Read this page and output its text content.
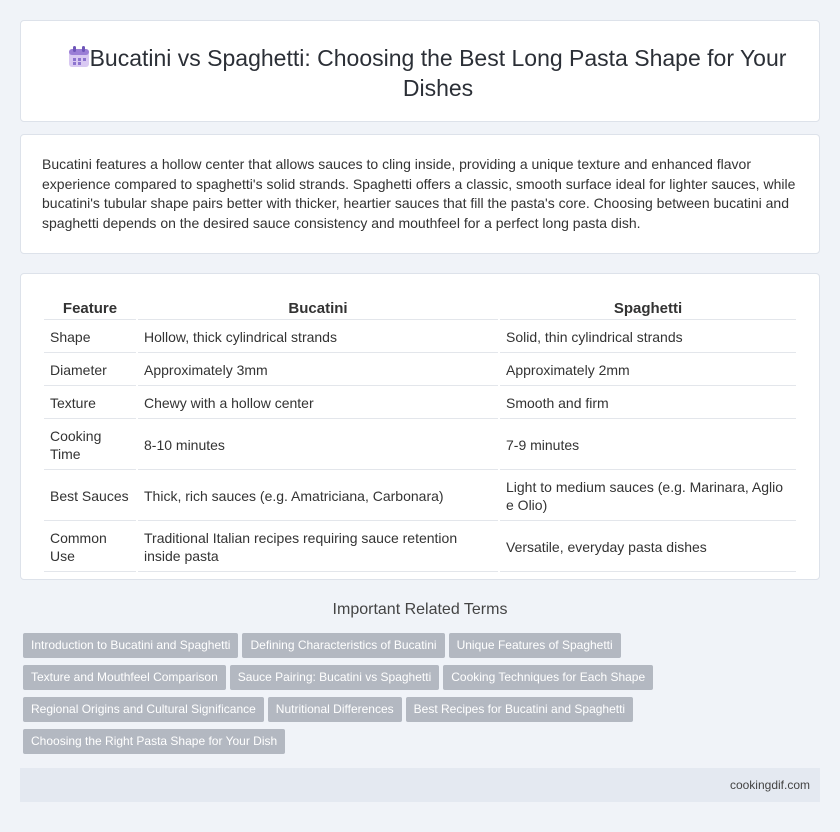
Bucatini vs Spaghetti: Choosing the Best Long Pasta Shape for Your Dishes

Bucatini features a hollow center that allows sauces to cling inside, providing a unique texture and enhanced flavor experience compared to spaghetti's solid strands. Spaghetti offers a classic, smooth surface ideal for lighter sauces, while bucatini's tubular shape pairs better with thicker, heartier sauces that fill the pasta's core. Choosing between bucatini and spaghetti depends on the desired sauce consistency and mouthfeel for a perfect long pasta dish.

Feature	Bucatini	Spaghetti
Shape	Hollow, thick cylindrical strands	Solid, thin cylindrical strands
Diameter	Approximately 3mm	Approximately 2mm
Texture	Chewy with a hollow center	Smooth and firm
Cooking Time	8-10 minutes	7-9 minutes
Best Sauces	Thick, rich sauces (e.g. Amatriciana, Carbonara)	Light to medium sauces (e.g. Marinara, Aglio e Olio)
Common Use	Traditional Italian recipes requiring sauce retention inside pasta	Versatile, everyday pasta dishes
Important Related Terms
Introduction to Bucatini and Spaghetti Defining Characteristics of Bucatini Unique Features of Spaghetti
Texture and Mouthfeel Comparison Sauce Pairing: Bucatini vs Spaghetti Cooking Techniques for Each Shape
Regional Origins and Cultural Significance Nutritional Differences Best Recipes for Bucatini and Spaghetti
Choosing the Right Pasta Shape for Your Dish
cookingdif.com
